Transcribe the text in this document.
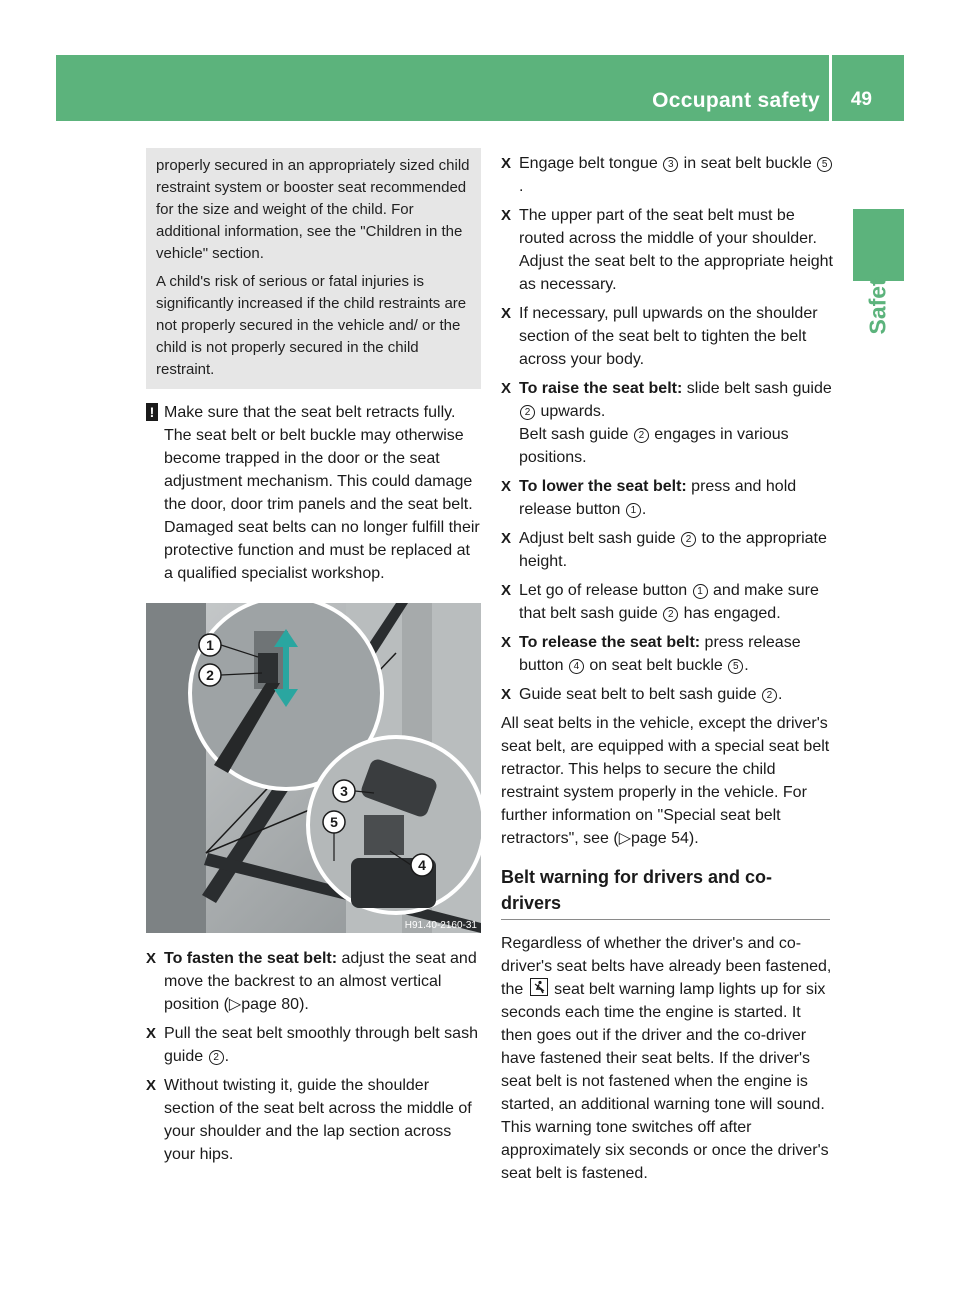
Occupant safety 49
Safety

properly secured in an appropriately sized child restraint system or booster seat recommended for the size and weight of the child. For additional information, see the "Children in the vehicle" section.

A child's risk of serious or fatal injuries is significantly increased if the child restraints are not properly secured in the vehicle and/ or the child is not properly secured in the child restraint.

! Make sure that the seat belt retracts fully. The seat belt or belt buckle may otherwise become trapped in the door or the seat adjustment mechanism. This could damage the door, door trim panels and the seat belt. Damaged seat belts can no longer fulfill their protective function and must be replaced at a qualified specialist workshop.
1
2
3
5
4
H91.40-2160-31
X To fasten the seat belt: adjust the seat and move the backrest to an almost vertical position (▷page 80).
X Pull the seat belt smoothly through belt sash guide 2 .
X Without twisting it, guide the shoulder section of the seat belt across the middle of your shoulder and the lap section across your hips.
X Engage belt tongue 3 in seat belt buckle 5.
X The upper part of the seat belt must be routed across the middle of your shoulder. Adjust the seat belt to the appropriate height as necessary.
X If necessary, pull upwards on the shoulder section of the seat belt to tighten the belt across your body.
X To raise the seat belt: slide belt sash guide 2 upwards.
Belt sash guide 2 engages in various positions.
X To lower the seat belt: press and hold release button 1 .
X Adjust belt sash guide 2 to the appropriate height.
X Let go of release button 1 and make sure that belt sash guide 2 has engaged.
X To release the seat belt: press release button 4 on seat belt buckle 5 .
X Guide seat belt to belt sash guide 2 .

All seat belts in the vehicle, except the driver's seat belt, are equipped with a special seat belt retractor. This helps to secure the child restraint system properly in the vehicle. For further information on "Special seat belt retractors", see (▷page 54).

Belt warning for drivers and co-drivers

Regardless of whether the driver's and co-driver's seat belts have already been fastened, the
seat belt warning lamp lights up for six seconds each time the engine is started. It then goes out if the driver and the co-driver have fastened their seat belts. If the driver's seat belt is not fastened when the engine is started, an additional warning tone will sound. This warning tone switches off after approximately six seconds or once the driver's seat belt is fastened.
